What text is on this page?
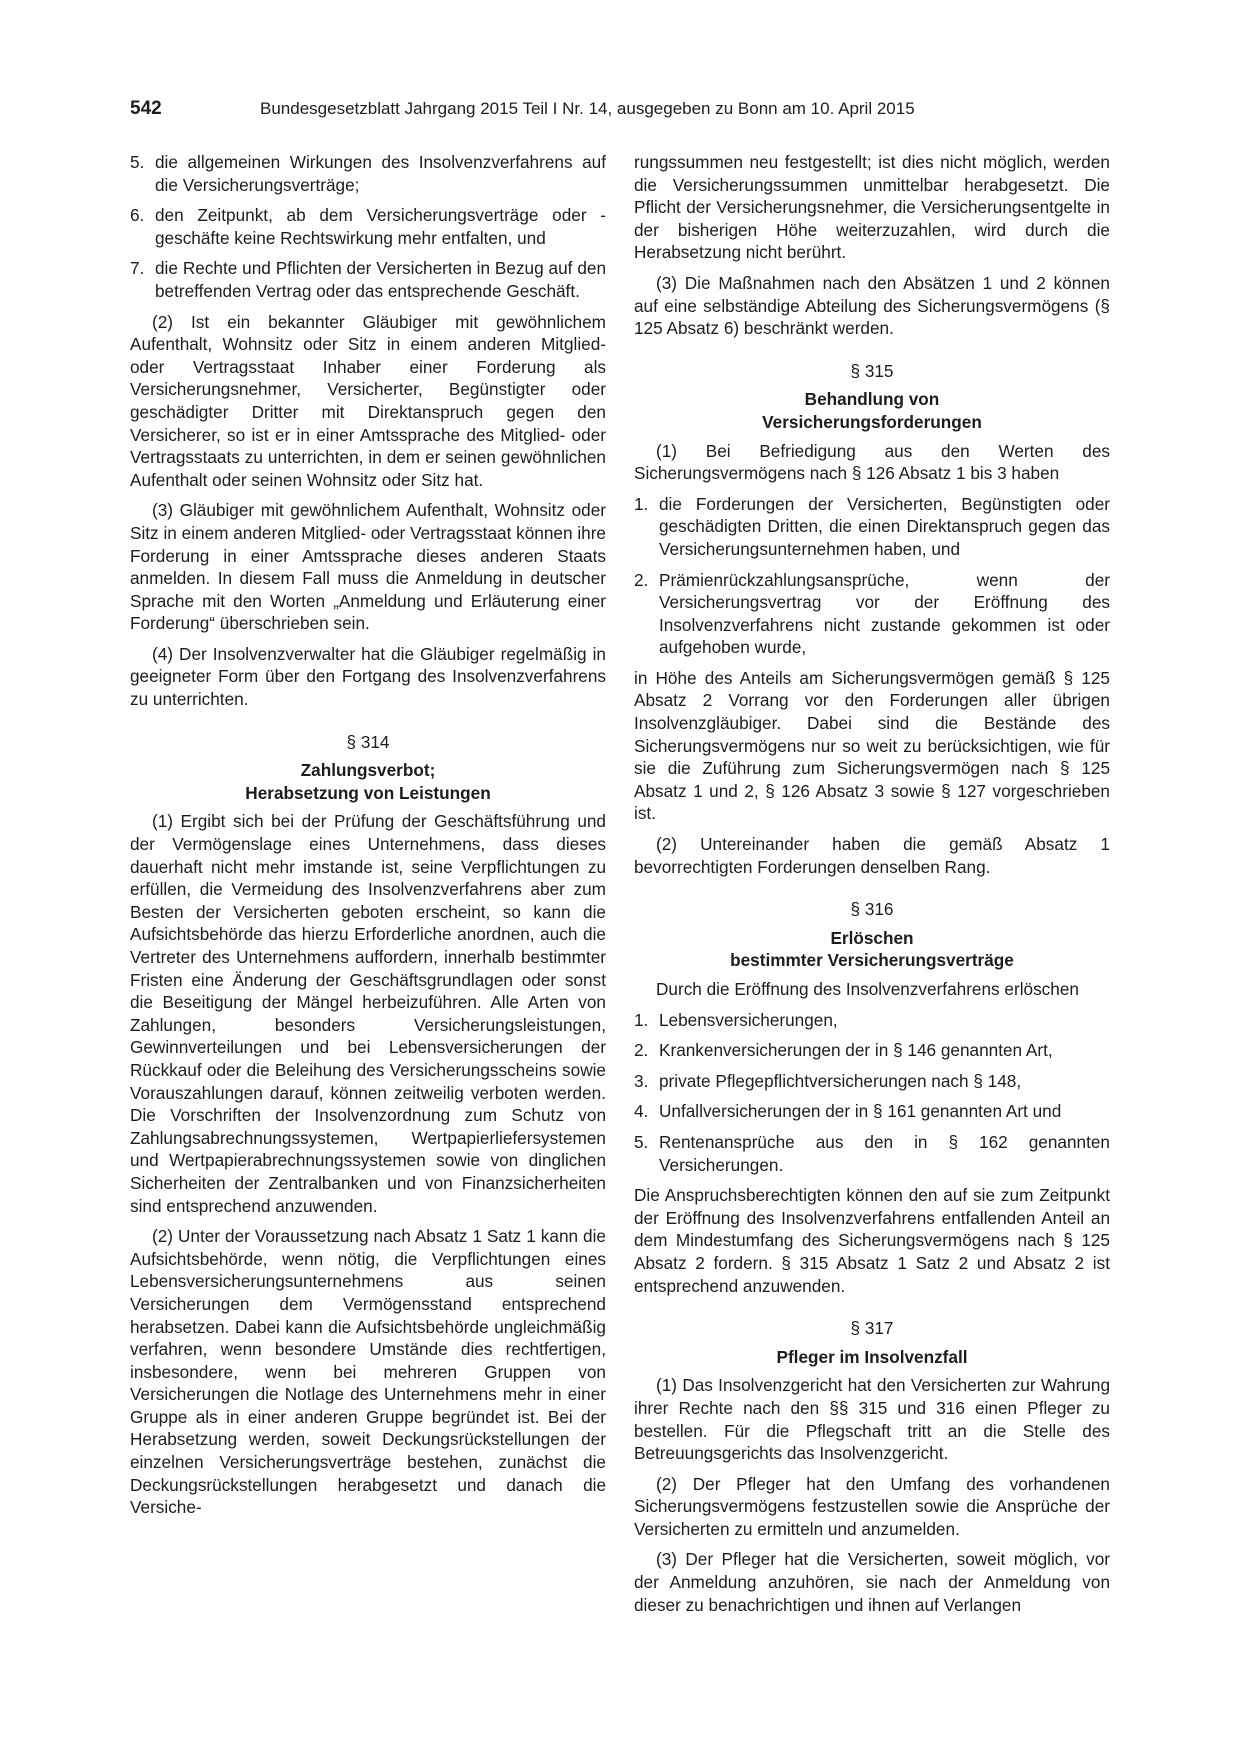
542	Bundesgesetzblatt Jahrgang 2015 Teil I Nr. 14, ausgegeben zu Bonn am 10. April 2015

5. die allgemeinen Wirkungen des Insolvenzverfahrens auf die Versicherungsverträge;

6. den Zeitpunkt, ab dem Versicherungsverträge oder -geschäfte keine Rechtswirkung mehr entfalten, und

7. die Rechte und Pflichten der Versicherten in Bezug auf den betreffenden Vertrag oder das entsprechende Geschäft.

(2) Ist ein bekannter Gläubiger mit gewöhnlichem Aufenthalt, Wohnsitz oder Sitz in einem anderen Mitglied- oder Vertragsstaat Inhaber einer Forderung als Versicherungsnehmer, Versicherter, Begünstigter oder geschädigter Dritter mit Direktanspruch gegen den Versicherer, so ist er in einer Amtssprache des Mitglied- oder Vertragsstaats zu unterrichten, in dem er seinen gewöhnlichen Aufenthalt oder seinen Wohnsitz oder Sitz hat.

(3) Gläubiger mit gewöhnlichem Aufenthalt, Wohnsitz oder Sitz in einem anderen Mitglied- oder Vertragsstaat können ihre Forderung in einer Amtssprache dieses anderen Staats anmelden. In diesem Fall muss die Anmeldung in deutscher Sprache mit den Worten „Anmeldung und Erläuterung einer Forderung“ überschrieben sein.

(4) Der Insolvenzverwalter hat die Gläubiger regelmäßig in geeigneter Form über den Fortgang des Insolvenzverfahrens zu unterrichten.

§ 314
Zahlungsverbot;
Herabsetzung von Leistungen

(1) Ergibt sich bei der Prüfung der Geschäftsführung und der Vermögenslage eines Unternehmens, dass dieses dauerhaft nicht mehr imstande ist, seine Verpflichtungen zu erfüllen, die Vermeidung des Insolvenzverfahrens aber zum Besten der Versicherten geboten erscheint, so kann die Aufsichtsbehörde das hierzu Erforderliche anordnen, auch die Vertreter des Unternehmens auffordern, innerhalb bestimmter Fristen eine Änderung der Geschäftsgrundlagen oder sonst die Beseitigung der Mängel herbeizuführen. Alle Arten von Zahlungen, besonders Versicherungsleistungen, Gewinnverteilungen und bei Lebensversicherungen der Rückkauf oder die Beleihung des Versicherungsscheins sowie Vorauszahlungen darauf, können zeitweilig verboten werden. Die Vorschriften der Insolvenzordnung zum Schutz von Zahlungsabrechnungssystemen, Wertpapierliefersystemen und Wertpapierabrechnungssystemen sowie von dinglichen Sicherheiten der Zentralbanken und von Finanzsicherheiten sind entsprechend anzuwenden.

(2) Unter der Voraussetzung nach Absatz 1 Satz 1 kann die Aufsichtsbehörde, wenn nötig, die Verpflichtungen eines Lebensversicherungsunternehmens aus seinen Versicherungen dem Vermögensstand entsprechend herabsetzen. Dabei kann die Aufsichtsbehörde ungleichmäßig verfahren, wenn besondere Umstände dies rechtfertigen, insbesondere, wenn bei mehreren Gruppen von Versicherungen die Notlage des Unternehmens mehr in einer Gruppe als in einer anderen Gruppe begründet ist. Bei der Herabsetzung werden, soweit Deckungsrückstellungen der einzelnen Versicherungsverträge bestehen, zunächst die Deckungsrückstellungen herabgesetzt und danach die Versiche-

rungssummen neu festgestellt; ist dies nicht möglich, werden die Versicherungssummen unmittelbar herabgesetzt. Die Pflicht der Versicherungsnehmer, die Versicherungsentgelte in der bisherigen Höhe weiterzuzahlen, wird durch die Herabsetzung nicht berührt.

(3) Die Maßnahmen nach den Absätzen 1 und 2 können auf eine selbständige Abteilung des Sicherungsvermögens (§ 125 Absatz 6) beschränkt werden.

§ 315
Behandlung von
Versicherungsforderungen

(1) Bei Befriedigung aus den Werten des Sicherungsvermögens nach § 126 Absatz 1 bis 3 haben

1. die Forderungen der Versicherten, Begünstigten oder geschädigten Dritten, die einen Direktanspruch gegen das Versicherungsunternehmen haben, und

2. Prämienrückzahlungsansprüche, wenn der Versicherungsvertrag vor der Eröffnung des Insolvenzverfahrens nicht zustande gekommen ist oder aufgehoben wurde,

in Höhe des Anteils am Sicherungsvermögen gemäß § 125 Absatz 2 Vorrang vor den Forderungen aller übrigen Insolvenzgläubiger. Dabei sind die Bestände des Sicherungsvermögens nur so weit zu berücksichtigen, wie für sie die Zuführung zum Sicherungsvermögen nach § 125 Absatz 1 und 2, § 126 Absatz 3 sowie § 127 vorgeschrieben ist.

(2) Untereinander haben die gemäß Absatz 1 bevorrechtigten Forderungen denselben Rang.

§ 316
Erlöschen
bestimmter Versicherungsverträge

Durch die Eröffnung des Insolvenzverfahrens erlöschen

1. Lebensversicherungen,

2. Krankenversicherungen der in § 146 genannten Art,

3. private Pflegepflichtversicherungen nach § 148,

4. Unfallversicherungen der in § 161 genannten Art und

5. Rentenansprüche aus den in § 162 genannten Versicherungen.

Die Anspruchsberechtigten können den auf sie zum Zeitpunkt der Eröffnung des Insolvenzverfahrens entfallenden Anteil an dem Mindestumfang des Sicherungsvermögens nach § 125 Absatz 2 fordern. § 315 Absatz 1 Satz 2 und Absatz 2 ist entsprechend anzuwenden.

§ 317
Pfleger im Insolvenzfall

(1) Das Insolvenzgericht hat den Versicherten zur Wahrung ihrer Rechte nach den §§ 315 und 316 einen Pfleger zu bestellen. Für die Pflegschaft tritt an die Stelle des Betreuungsgerichts das Insolvenzgericht.

(2) Der Pfleger hat den Umfang des vorhandenen Sicherungsvermögens festzustellen sowie die Ansprüche der Versicherten zu ermitteln und anzumelden.

(3) Der Pfleger hat die Versicherten, soweit möglich, vor der Anmeldung anzuhören, sie nach der Anmeldung von dieser zu benachrichtigen und ihnen auf Verlangen
